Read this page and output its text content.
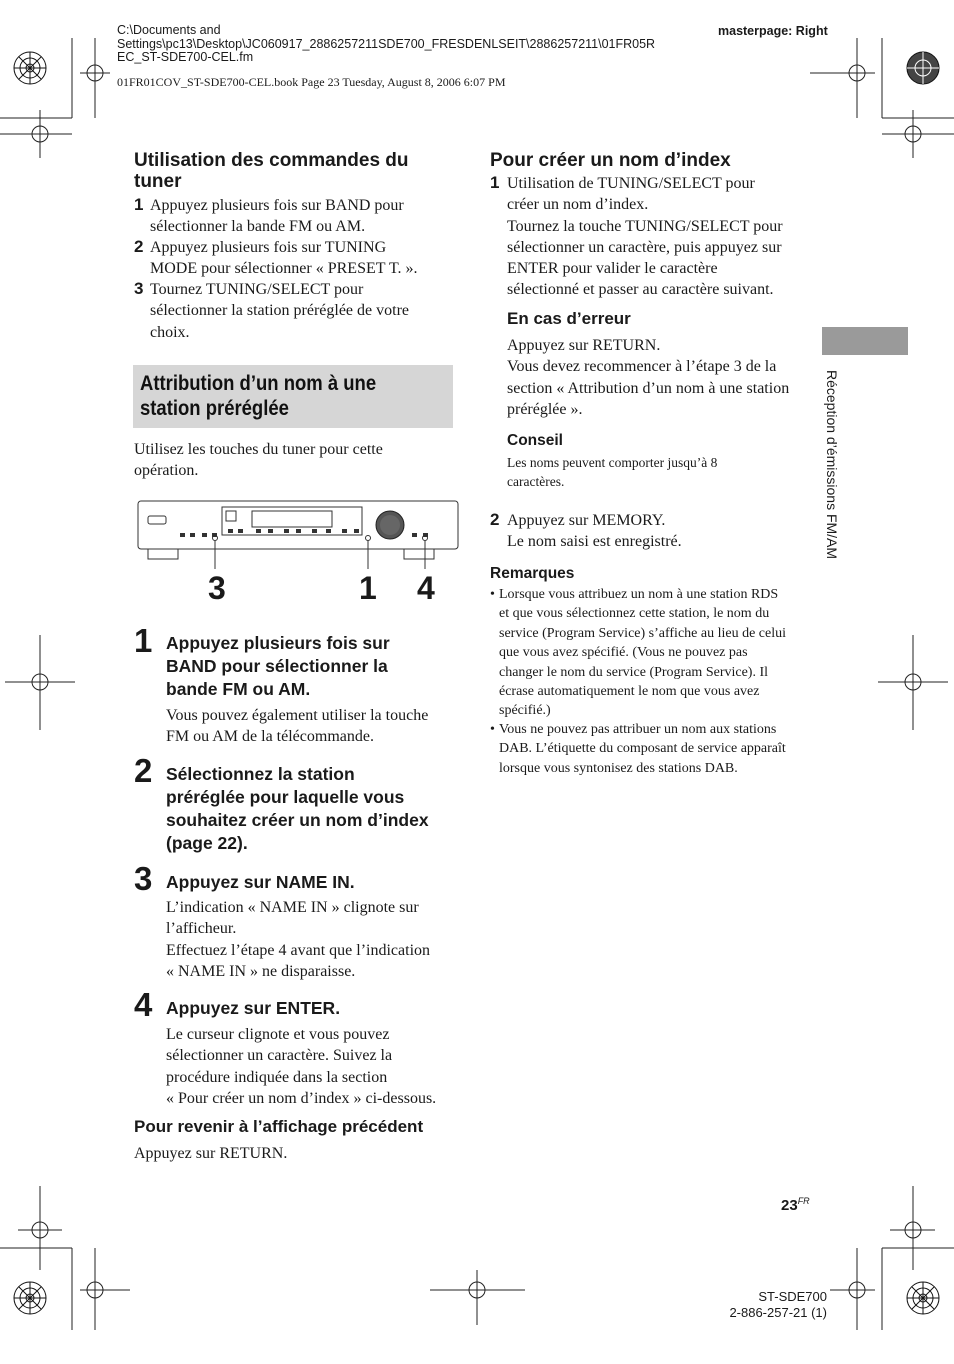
C:\Documents and
Settings\pc13\Desktop\JC060917_2886257211SDE700_FRESDENLSEIT\2886257211\01FR05R
EC_ST-SDE700-CEL.fm
masterpage: Right
01FR01COV_ST-SDE700-CEL.book Page 23 Tuesday, August 8, 2006 6:07 PM
Utilisation des commandes du
tuner
1 Appuyez plusieurs fois sur BAND pour
sélectionner la bande FM ou AM.
2 Appuyez plusieurs fois sur TUNING
MODE pour sélectionner « PRESET T. ».
3 Tournez TUNING/SELECT pour
sélectionner la station préréglée de votre
choix.
Attribution d’un nom à une
station préréglée
Utilisez les touches du tuner pour cette
opération.
3	1 4
1 Appuyez plusieurs fois sur
BAND pour sélectionner la
bande FM ou AM.
Vous pouvez également utiliser la touche
FM ou AM de la télécommande.
2 Sélectionnez la station
préréglée pour laquelle vous
souhaitez créer un nom d’index
(page 22).
3 Appuyez sur NAME IN.
L’indication « NAME IN » clignote sur
l’afficheur.
Effectuez l’étape 4 avant que l’indication
« NAME IN » ne disparaisse.
4 Appuyez sur ENTER.
Le curseur clignote et vous pouvez
sélectionner un caractère. Suivez la
procédure indiquée dans la section
« Pour créer un nom d’index » ci-dessous.
Pour revenir à l’affichage précédent
Appuyez sur RETURN.
Pour créer un nom d’index
1 Utilisation de TUNING/SELECT pour
créer un nom d’index.
Tournez la touche TUNING/SELECT pour
sélectionner un caractère, puis appuyez sur
ENTER pour valider le caractère
sélectionné et passer au caractère suivant.
En cas d’erreur
Appuyez sur RETURN.
Vous devez recommencer à l’étape 3 de la
section « Attribution d’un nom à une station
préréglée ».
Conseil
Les noms peuvent comporter jusqu’à 8
caractères.
2 Appuyez sur MEMORY.
Le nom saisi est enregistré.
Remarques
• Lorsque vous attribuez un nom à une station RDS
et que vous sélectionnez cette station, le nom du
service (Program Service) s’affiche au lieu de celui
que vous avez spécifié. (Vous ne pouvez pas
changer le nom du service (Program Service). Il
écrase automatiquement le nom que vous avez
spécifié.)
• Vous ne pouvez pas attribuer un nom aux stations
DAB. L’étiquette du composant de service apparaît
lorsque vous syntonisez des stations DAB.
Réception d’émissions FM/AM
$23^{FR}$
ST-SDE700
2-886-257-21 (1)
